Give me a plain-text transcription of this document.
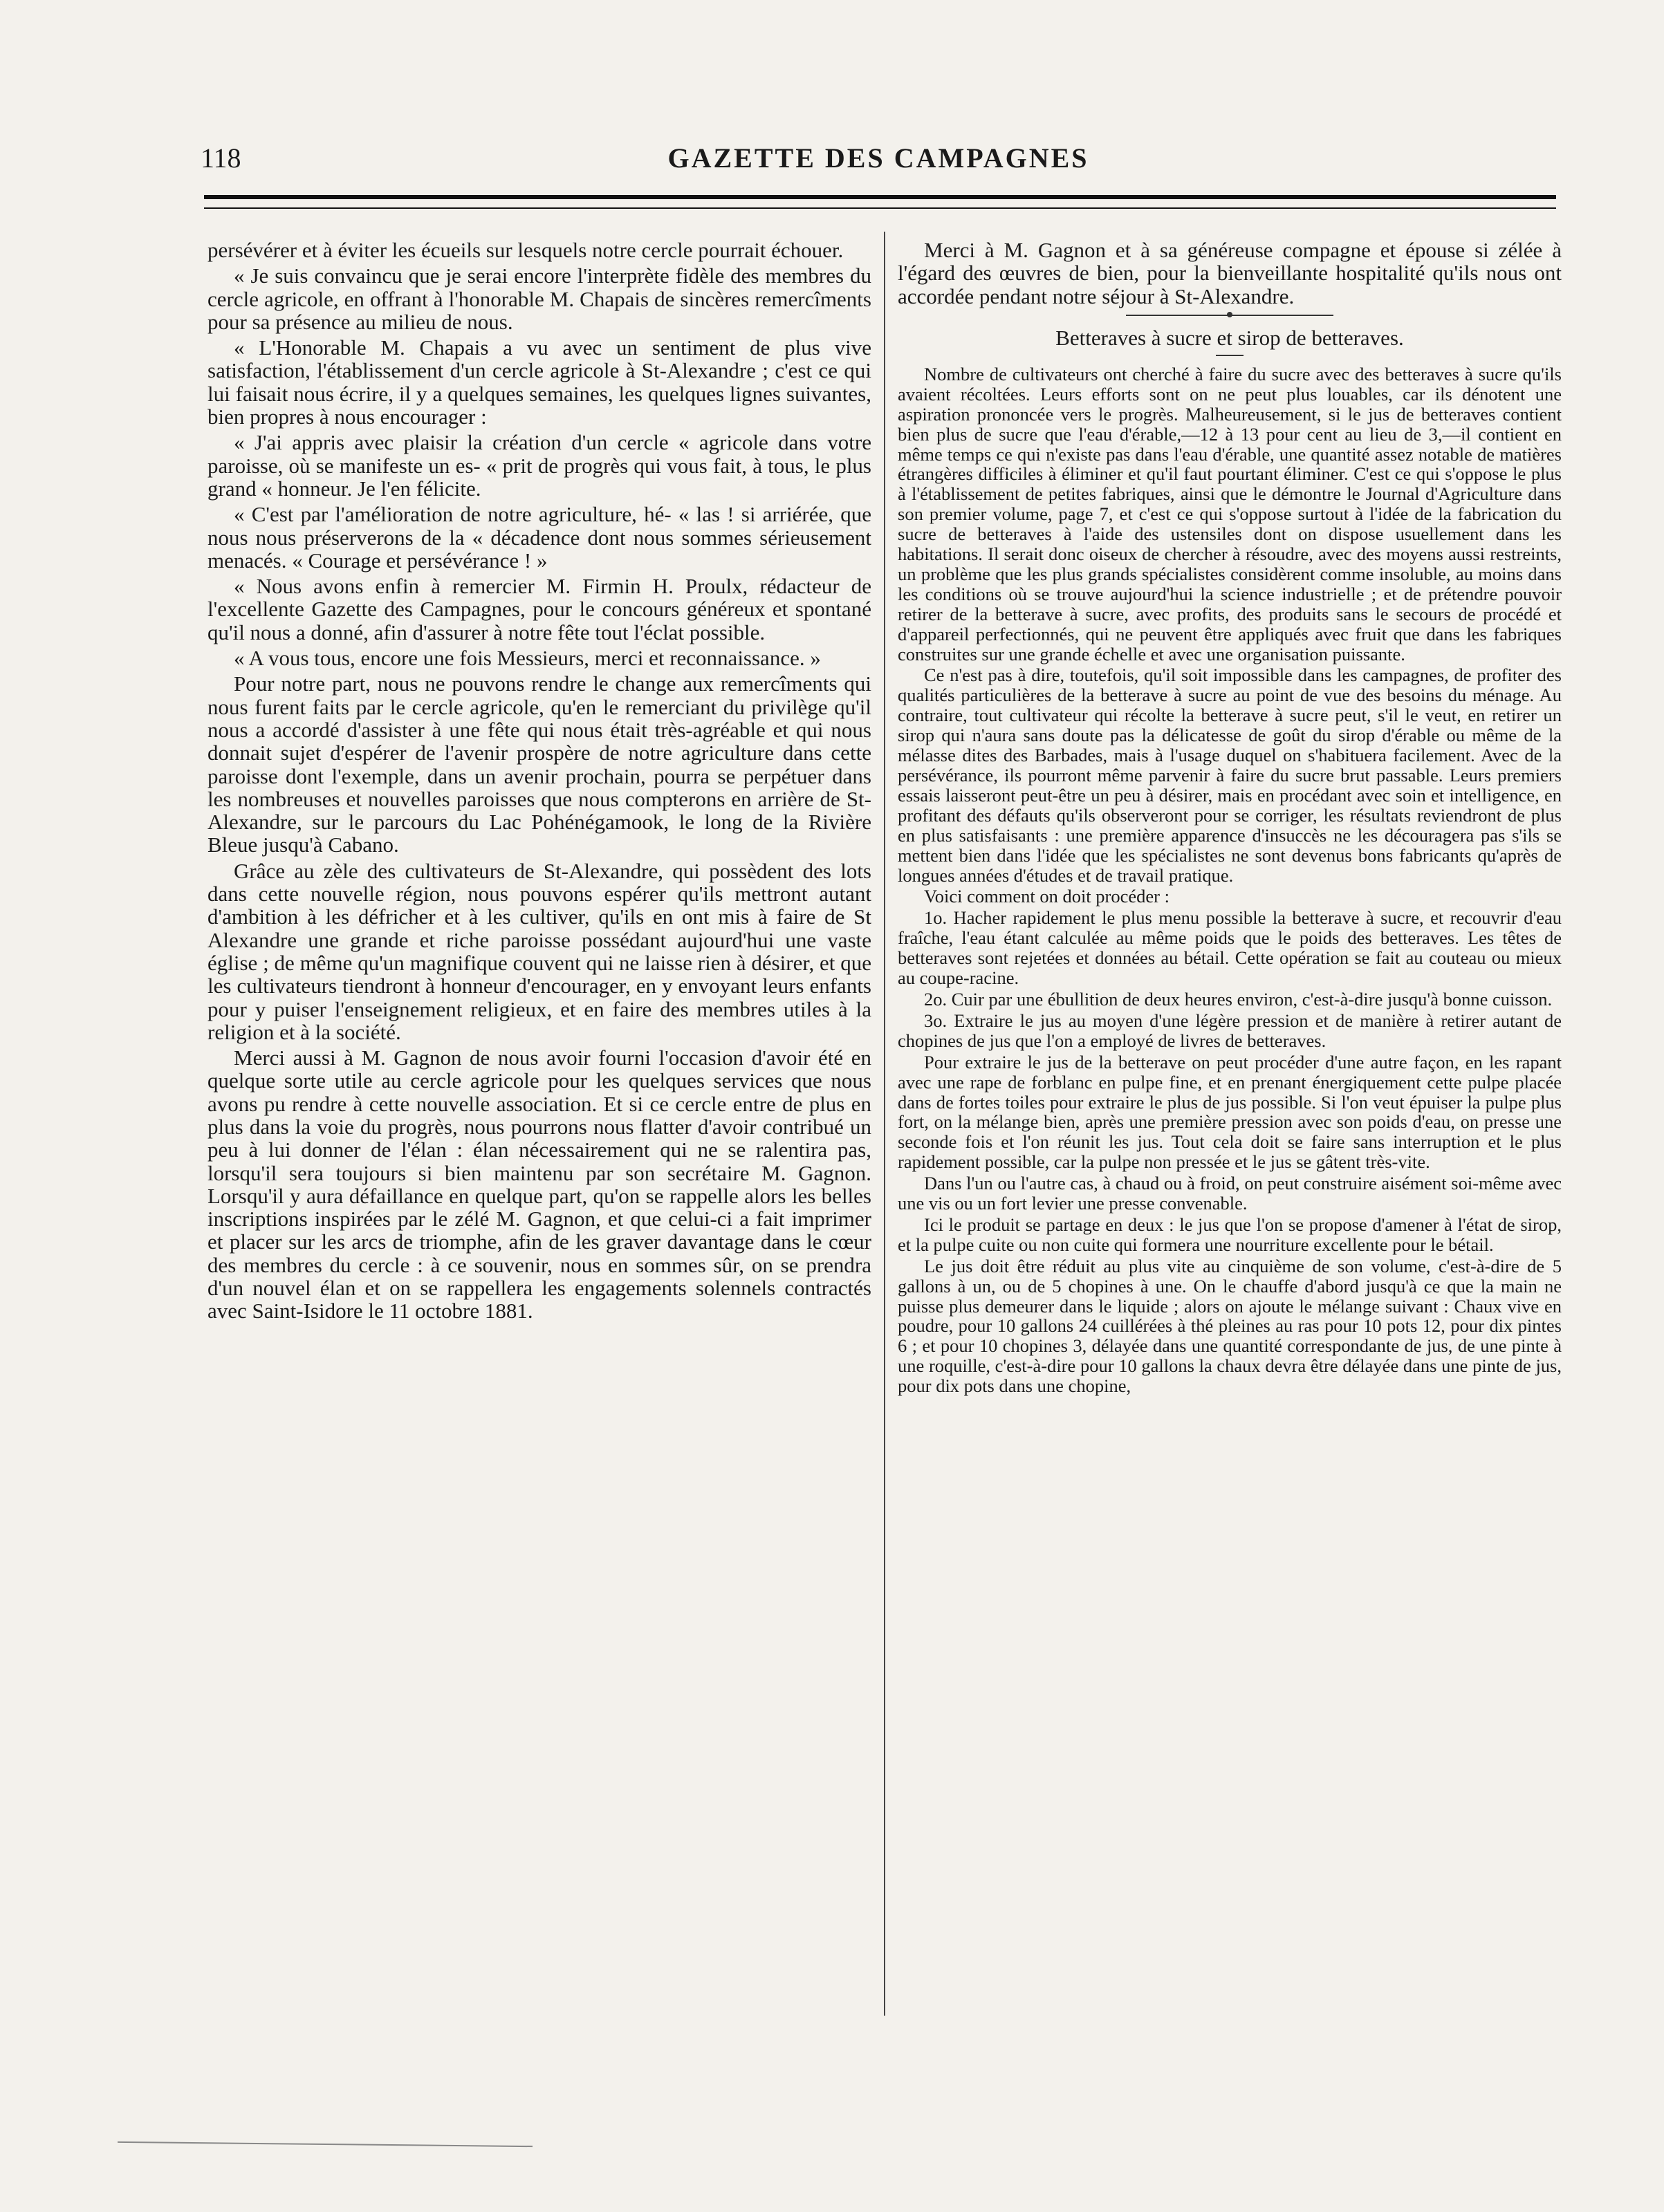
118	GAZETTE DES CAMPAGNES

persévérer et à éviter les écueils sur lesquels notre cercle pourrait échouer.

« Je suis convaincu que je serai encore l'interprète fidèle des membres du cercle agricole, en offrant à l'honorable M. Chapais de sincères remercîments pour sa présence au milieu de nous.

« L'Honorable M. Chapais a vu avec un sentiment de plus vive satisfaction, l'établissement d'un cercle agricole à St-Alexandre ; c'est ce qui lui faisait nous écrire, il y a quelques semaines, les quelques lignes suivantes, bien propres à nous encourager :

« J'ai appris avec plaisir la création d'un cercle « agricole dans votre paroisse, où se manifeste un es- « prit de progrès qui vous fait, à tous, le plus grand « honneur. Je l'en félicite.

« C'est par l'amélioration de notre agriculture, hé- « las ! si arriérée, que nous nous préserverons de la « décadence dont nous sommes sérieusement menacés. « Courage et persévérance ! »

« Nous avons enfin à remercier M. Firmin H. Proulx, rédacteur de l'excellente Gazette des Campagnes, pour le concours généreux et spontané qu'il nous a donné, afin d'assurer à notre fête tout l'éclat possible.

« A vous tous, encore une fois Messieurs, merci et reconnaissance. »

Pour notre part, nous ne pouvons rendre le change aux remercîments qui nous furent faits par le cercle agricole, qu'en le remerciant du privilège qu'il nous a accordé d'assister à une fête qui nous était très-agréable et qui nous donnait sujet d'espérer de l'avenir prospère de notre agriculture dans cette paroisse dont l'exemple, dans un avenir prochain, pourra se perpétuer dans les nombreuses et nouvelles paroisses que nous compterons en arrière de St-Alexandre, sur le parcours du Lac Pohénégamook, le long de la Rivière Bleue jusqu'à Cabano.

Grâce au zèle des cultivateurs de St-Alexandre, qui possèdent des lots dans cette nouvelle région, nous pouvons espérer qu'ils mettront autant d'ambition à les défricher et à les cultiver, qu'ils en ont mis à faire de St Alexandre une grande et riche paroisse possédant aujourd'hui une vaste église ; de même qu'un magnifique couvent qui ne laisse rien à désirer, et que les cultivateurs tiendront à honneur d'encourager, en y envoyant leurs enfants pour y puiser l'enseignement religieux, et en faire des membres utiles à la religion et à la société.

Merci aussi à M. Gagnon de nous avoir fourni l'occasion d'avoir été en quelque sorte utile au cercle agricole pour les quelques services que nous avons pu rendre à cette nouvelle association. Et si ce cercle entre de plus en plus dans la voie du progrès, nous pourrons nous flatter d'avoir contribué un peu à lui donner de l'élan : élan nécessairement qui ne se ralentira pas, lorsqu'il sera toujours si bien maintenu par son secrétaire M. Gagnon. Lorsqu'il y aura défaillance en quelque part, qu'on se rappelle alors les belles inscriptions inspirées par le zélé M. Gagnon, et que celui-ci a fait imprimer et placer sur les arcs de triomphe, afin de les graver davantage dans le cœur des membres du cercle : à ce souvenir, nous en sommes sûr, on se prendra d'un nouvel élan et on se rappellera les engagements solennels contractés avec Saint-Isidore le 11 octobre 1881.

Merci à M. Gagnon et à sa généreuse compagne et épouse si zélée à l'égard des œuvres de bien, pour la bienveillante hospitalité qu'ils nous ont accordée pendant notre séjour à St-Alexandre.

Betteraves à sucre et sirop de betteraves.

Nombre de cultivateurs ont cherché à faire du sucre avec des betteraves à sucre qu'ils avaient récoltées. Leurs efforts sont on ne peut plus louables, car ils dénotent une aspiration prononcée vers le progrès. Malheureusement, si le jus de betteraves contient bien plus de sucre que l'eau d'érable,—12 à 13 pour cent au lieu de 3,—il contient en même temps ce qui n'existe pas dans l'eau d'érable, une quantité assez notable de matières étrangères difficiles à éliminer et qu'il faut pourtant éliminer. C'est ce qui s'oppose le plus à l'établissement de petites fabriques, ainsi que le démontre le Journal d'Agriculture dans son premier volume, page 7, et c'est ce qui s'oppose surtout à l'idée de la fabrication du sucre de betteraves à l'aide des ustensiles dont on dispose usuellement dans les habitations. Il serait donc oiseux de chercher à résoudre, avec des moyens aussi restreints, un problème que les plus grands spécialistes considèrent comme insoluble, au moins dans les conditions où se trouve aujourd'hui la science industrielle ; et de prétendre pouvoir retirer de la betterave à sucre, avec profits, des produits sans le secours de procédé et d'appareil perfectionnés, qui ne peuvent être appliqués avec fruit que dans les fabriques construites sur une grande échelle et avec une organisation puissante.

Ce n'est pas à dire, toutefois, qu'il soit impossible dans les campagnes, de profiter des qualités particulières de la betterave à sucre au point de vue des besoins du ménage. Au contraire, tout cultivateur qui récolte la betterave à sucre peut, s'il le veut, en retirer un sirop qui n'aura sans doute pas la délicatesse de goût du sirop d'érable ou même de la mélasse dites des Barbades, mais à l'usage duquel on s'habituera facilement. Avec de la persévérance, ils pourront même parvenir à faire du sucre brut passable. Leurs premiers essais laisseront peut-être un peu à désirer, mais en procédant avec soin et intelligence, en profitant des défauts qu'ils observeront pour se corriger, les résultats reviendront de plus en plus satisfaisants : une première apparence d'insuccès ne les découragera pas s'ils se mettent bien dans l'idée que les spécialistes ne sont devenus bons fabricants qu'après de longues années d'études et de travail pratique.

Voici comment on doit procéder :

1o. Hacher rapidement le plus menu possible la betterave à sucre, et recouvrir d'eau fraîche, l'eau étant calculée au même poids que le poids des betteraves. Les têtes de betteraves sont rejetées et données au bétail. Cette opération se fait au couteau ou mieux au coupe-racine.

2o. Cuir par une ébullition de deux heures environ, c'est-à-dire jusqu'à bonne cuisson.

3o. Extraire le jus au moyen d'une légère pression et de manière à retirer autant de chopines de jus que l'on a employé de livres de betteraves.

Pour extraire le jus de la betterave on peut procéder d'une autre façon, en les rapant avec une rape de forblanc en pulpe fine, et en prenant énergiquement cette pulpe placée dans de fortes toiles pour extraire le plus de jus possible. Si l'on veut épuiser la pulpe plus fort, on la mélange bien, après une première pression avec son poids d'eau, on presse une seconde fois et l'on réunit les jus. Tout cela doit se faire sans interruption et le plus rapidement possible, car la pulpe non pressée et le jus se gâtent très-vite.

Dans l'un ou l'autre cas, à chaud ou à froid, on peut construire aisément soi-même avec une vis ou un fort levier une presse convenable.

Ici le produit se partage en deux : le jus que l'on se propose d'amener à l'état de sirop, et la pulpe cuite ou non cuite qui formera une nourriture excellente pour le bétail.

Le jus doit être réduit au plus vite au cinquième de son volume, c'est-à-dire de 5 gallons à un, ou de 5 chopines à une. On le chauffe d'abord jusqu'à ce que la main ne puisse plus demeurer dans le liquide ; alors on ajoute le mélange suivant : Chaux vive en poudre, pour 10 gallons 24 cuillérées à thé pleines au ras pour 10 pots 12, pour dix pintes 6 ; et pour 10 chopines 3, délayée dans une quantité correspondante de jus, de une pinte à une roquille, c'est-à-dire pour 10 gallons la chaux devra être délayée dans une pinte de jus, pour dix pots dans une chopine,
